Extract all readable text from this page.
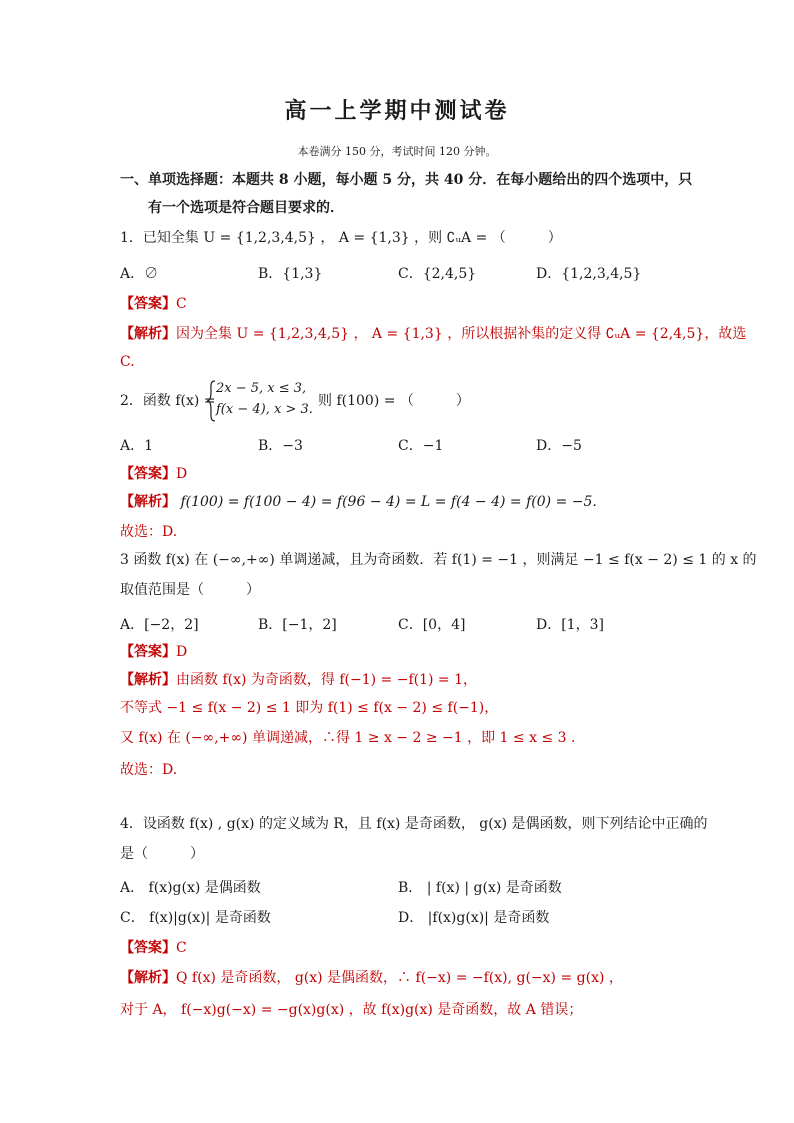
高一上学期中测试卷
本卷满分 150 分，考试时间 120 分钟。
一、单项选择题：本题共 8 小题，每小题 5 分，共 40 分．在每小题给出的四个选项中，只
有一个选项是符合题目要求的．
1．已知全集 U = {1,2,3,4,5} ， A = {1,3} ，则 ∁ᵤA = （　　　）
A．∅	B．{1,3}	C．{2,4,5}	D．{1,2,3,4,5}
【答案】C
【解析】因为全集 U = {1,2,3,4,5} ， A = {1,3} ，所以根据补集的定义得 ∁ᵤA = {2,4,5}，故选
C.
2．函数 f(x) =
2x − 5, x ≤ 3,
f(x − 4), x > 3.
则 f(100) = （　　　）
A．1	B．−3	C．−1	D．−5
【答案】D
【解析】 f(100) = f(100 − 4) = f(96 − 4) = L = f(4 − 4) = f(0) = −5.
故选：D.
3 函数 f(x) 在 (−∞,+∞) 单调递减，且为奇函数．若 f(1) = −1 ，则满足 −1 ≤ f(x − 2) ≤ 1 的 x 的
取值范围是（　　　）
A．[−2，2]	B．[−1，2]	C．[0，4]	D．[1，3]
【答案】D
【解析】由函数 f(x) 为奇函数，得 f(−1) = −f(1) = 1，
不等式 −1 ≤ f(x − 2) ≤ 1 即为 f(1) ≤ f(x − 2) ≤ f(−1)，
又 f(x) 在 (−∞,+∞) 单调递减，∴得 1 ≥ x − 2 ≥ −1 ，即 1 ≤ x ≤ 3 .
故选：D.
4．设函数 f(x) , g(x) 的定义域为 R，且 f(x) 是奇函数， g(x) 是偶函数，则下列结论中正确的
是（　　　）
A． f(x)g(x) 是偶函数	B． | f(x) | g(x) 是奇函数
C． f(x)|g(x)| 是奇函数	D． |f(x)g(x)| 是奇函数
【答案】C
【解析】Q f(x) 是奇函数， g(x) 是偶函数，∴ f(−x) = −f(x), g(−x) = g(x) ，
对于 A， f(−x)g(−x) = −g(x)g(x) ，故 f(x)g(x) 是奇函数，故 A 错误；
